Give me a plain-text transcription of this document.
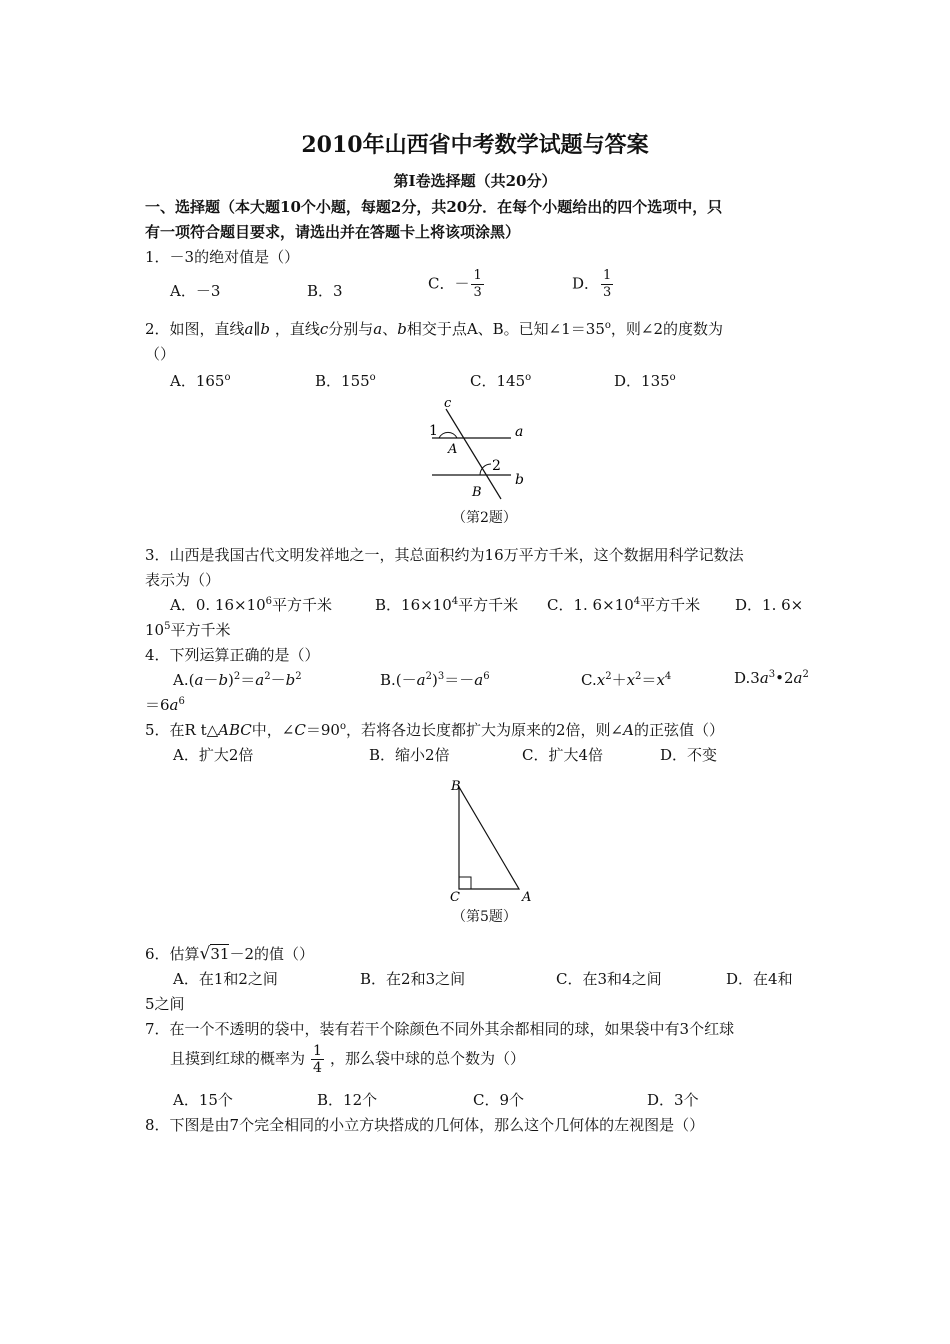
2010年山西省中考数学试题与答案
第Ⅰ卷选择题（共20分）
一、选择题（本大题10个小题，每题2分，共20分．在每个小题给出的四个选项中，只
有一项符合题目要求，请选出并在答题卡上将该项涂黑）
1．－3的绝对值是（）
A．－3	B．3	C．－ $\frac{1}{3}$	D． $\frac{1}{3}$
2．如图，直线a∥b ，直线c分别与a、b相交于点A、B。已知$\angle 1=35^o$，则∠2的度数为
（）
A．165$^o$	B．155$^o$	C．145$^o$	D．135$^o$
c
1	a
A
2
b
B
（第2题）
3．山西是我国古代文明发祥地之一，其总面积约为16万平方千米，这个数据用科学记数法
表示为（）
A．0. $16\times 10^6$平方千米	B．$16\times 10^4$平方千米 C．1. $6\times 10^4$平方千米 D．1. 6×
$10^5$平方千米
4．下列运算正确的是（）
$A.(a-b)^2=a^2-b^2$	$B.(-a^2)^3=-a^6$	$C.x^2+x^2=x^4$	$D.3a^3•2a^2$
$=6a^6$
5．在R t△ABC中，$\angle C=90^o$，若将各边长度都扩大为原来的2倍，则∠A的正弦值（）
A．扩大2倍	B．缩小2倍	C．扩大4倍	D．不变
B
C	A
（第5题）
6．估算√31－2的值（）
A．在1和2之间	B．在2和3之间	C．在3和4之间	D．在4和
5之间
7．在一个不透明的袋中，装有若干个除颜色不同外其余都相同的球，如果袋中有3个红球
且摸到红球的概率为 $\frac{1}{4}$ ，那么袋中球的总个数为（）
A．15个	B．12个	C．9个	D．3个
8．下图是由7个完全相同的小立方块搭成的几何体，那么这个几何体的左视图是（）
